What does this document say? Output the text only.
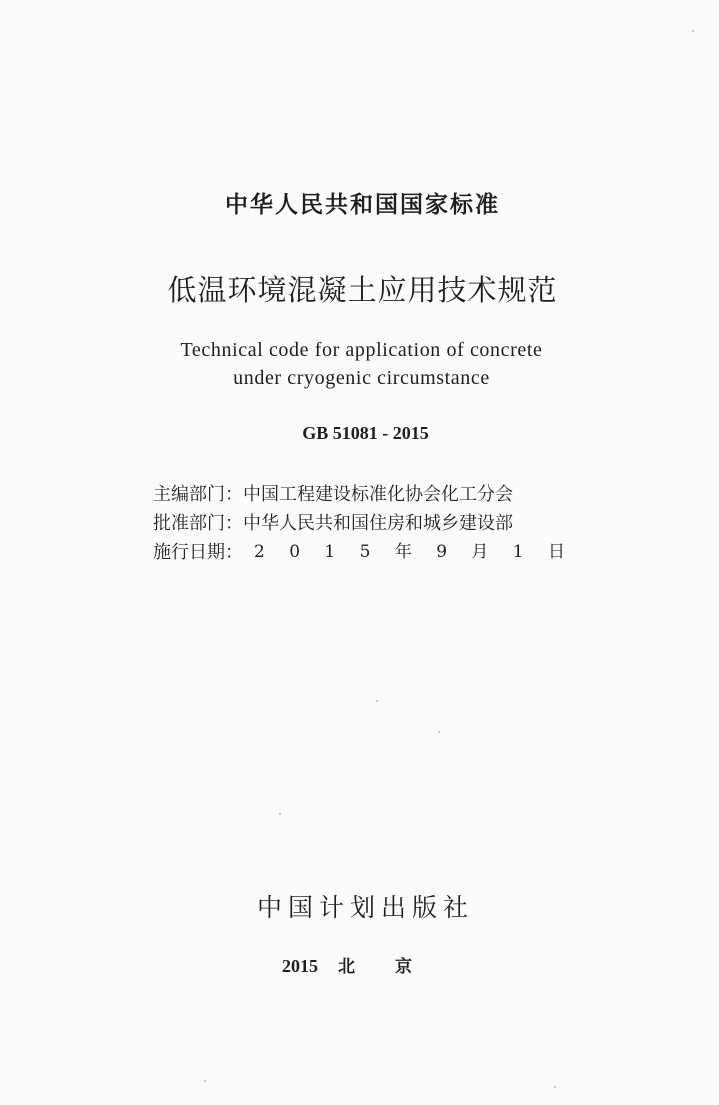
中华人民共和国国家标准
低温环境混凝土应用技术规范
Technical code for application of concrete
under cryogenic circumstance
GB 51081 - 2015
主编部门：中国工程建设标准化协会化工分会
批准部门：中华人民共和国住房和城乡建设部
施行日期： 2 0 1 5 年 9 月 1 日
中国计划出版社
2015 北 京
